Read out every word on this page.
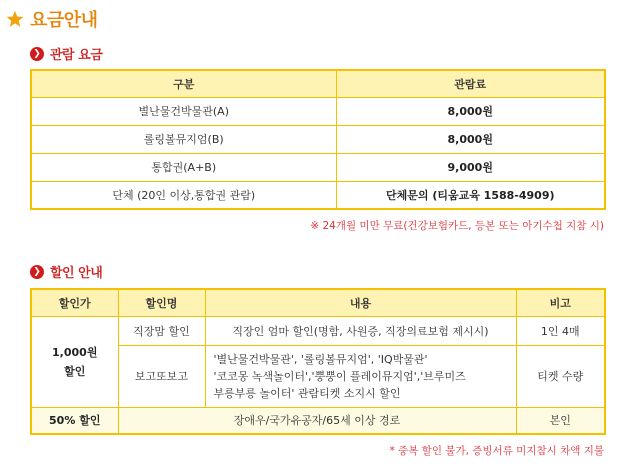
요금안내
❯ 관람 요금
구분	관람료
별난물건박물관(A)	8,000원
롤링볼뮤지엄(B)	8,000원
통합권(A+B)	9,000원
단체 (20인 이상,통합권 관람)	단체문의 (티움교육 1588-4909)
※ 24개월 미만 무료(건강보험카드, 등본 또는 아기수첩 지참 시)
❯ 할인 안내
할인가	할인명	내용	비고

1,000원
할인	직장맘 할인	직장인 엄마 할인(명함, 사원증, 직장의료보험 제시시)	1인 4매
	보고또보고	'별난물건박물관', '롤링볼뮤지엄', 'IQ박물관'
'코코몽 녹색놀이터','뿡뿡이 플레이뮤지엄','브루미즈
부릉부릉 놀이터' 관람티켓 소지시 할인	티켓 수량
50% 할인	장애우/국가유공자/65세 이상 경로		본인
* 중복 할인 불가, 증빙서류 미지참시 차액 지불
